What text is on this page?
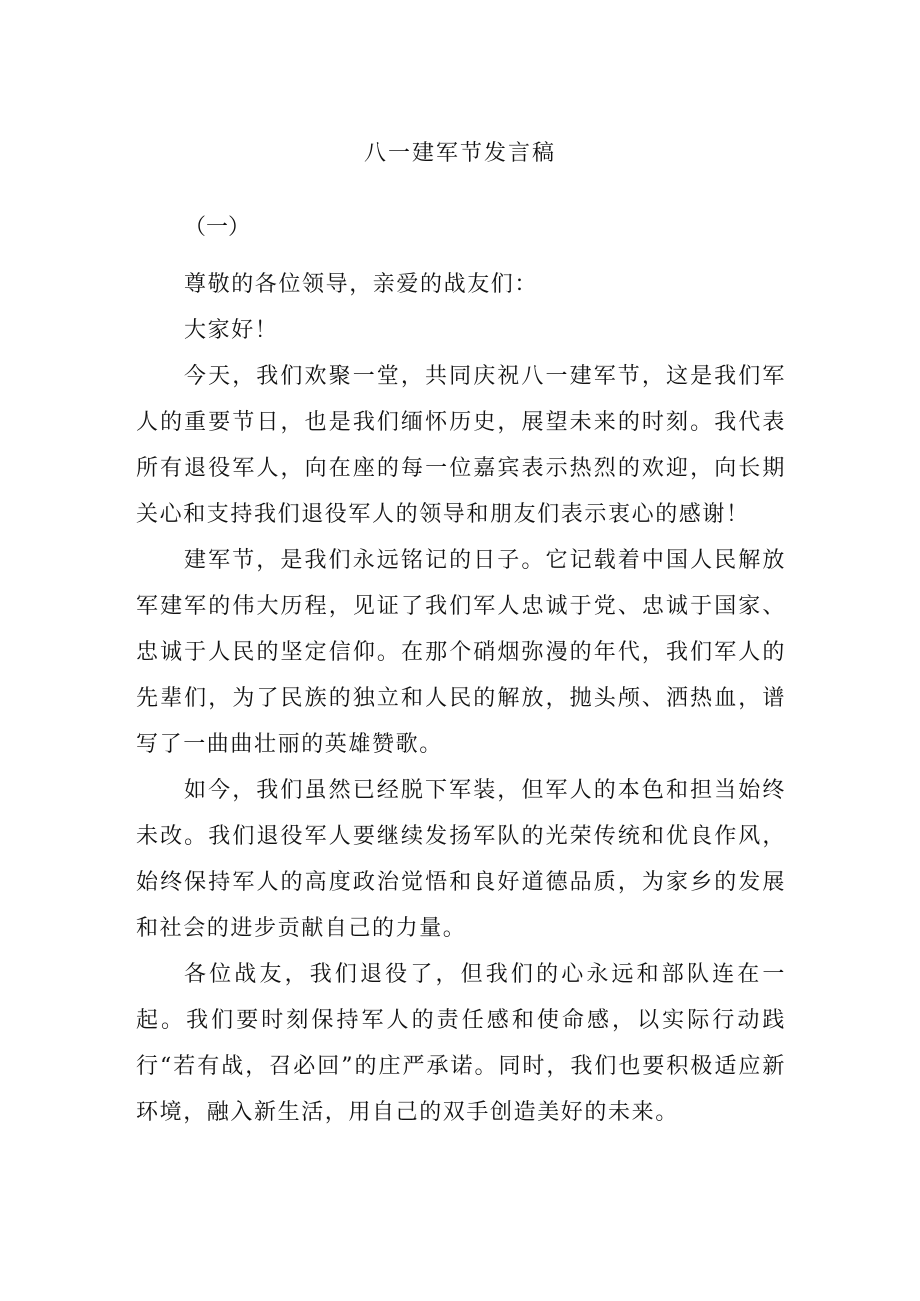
八一建军节发言稿
（一）

尊敬的各位领导，亲爱的战友们：

大家好！

今天，我们欢聚一堂，共同庆祝八一建军节，这是我们军人的重要节日，也是我们缅怀历史，展望未来的时刻。我代表所有退役军人，向在座的每一位嘉宾表示热烈的欢迎，向长期关心和支持我们退役军人的领导和朋友们表示衷心的感谢！

建军节，是我们永远铭记的日子。它记载着中国人民解放军建军的伟大历程，见证了我们军人忠诚于党、忠诚于国家、忠诚于人民的坚定信仰。在那个硝烟弥漫的年代，我们军人的先辈们，为了民族的独立和人民的解放，抛头颅、洒热血，谱写了一曲曲壮丽的英雄赞歌。

如今，我们虽然已经脱下军装，但军人的本色和担当始终未改。我们退役军人要继续发扬军队的光荣传统和优良作风，始终保持军人的高度政治觉悟和良好道德品质，为家乡的发展和社会的进步贡献自己的力量。

各位战友，我们退役了，但我们的心永远和部队连在一起。我们要时刻保持军人的责任感和使命感，以实际行动践行“若有战，召必回”的庄严承诺。同时，我们也要积极适应新环境，融入新生活，用自己的双手创造美好的未来。
